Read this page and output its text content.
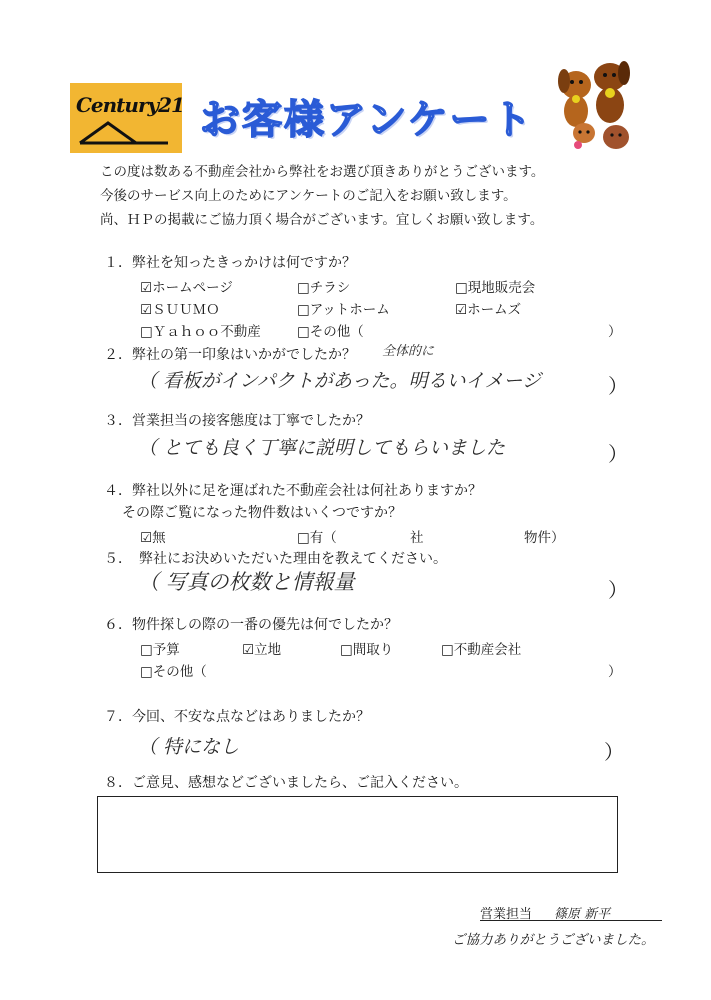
Century21 お客様アンケート
この度は数ある不動産会社から弊社をお選び頂きありがとうございます。
今後のサービス向上のためにアンケートのご記入をお願い致します。
尚、ＨＰの掲載にご協力頂く場合がございます。宜しくお願い致します。
１．弊社を知ったきっかけは何ですか？
☑ホームページ	□チラシ	□現地販売会
☑ＳＵＵＭＯ	□アットホーム	☑ホームズ
□Ｙａｈｏｏ不動産	□その他（	）
２．弊社の第一印象はいかがでしたか？ 全体的に
（ 看板がインパクトがあった。明るいイメージ	）
３．営業担当の接客態度は丁寧でしたか？
（ とても良く丁寧に説明してもらいました	）
４．弊社以外に足を運ばれた不動産会社は何社ありますか？
その際ご覧になった物件数はいくつですか？
☑無	□有（	社	物件）
５．　弊社にお決めいただいた理由を教えてください。
（ 写真の枚数と情報量	）
６．物件探しの際の一番の優先は何でしたか？
□予算	☑立地	□間取り	□不動産会社
□その他（	）
７．今回、不安な点などはありましたか？
（ 特になし	）
８．ご意見、感想などございましたら、ご記入ください。
営業担当 篠原 新平
ご協力ありがとうございました。
